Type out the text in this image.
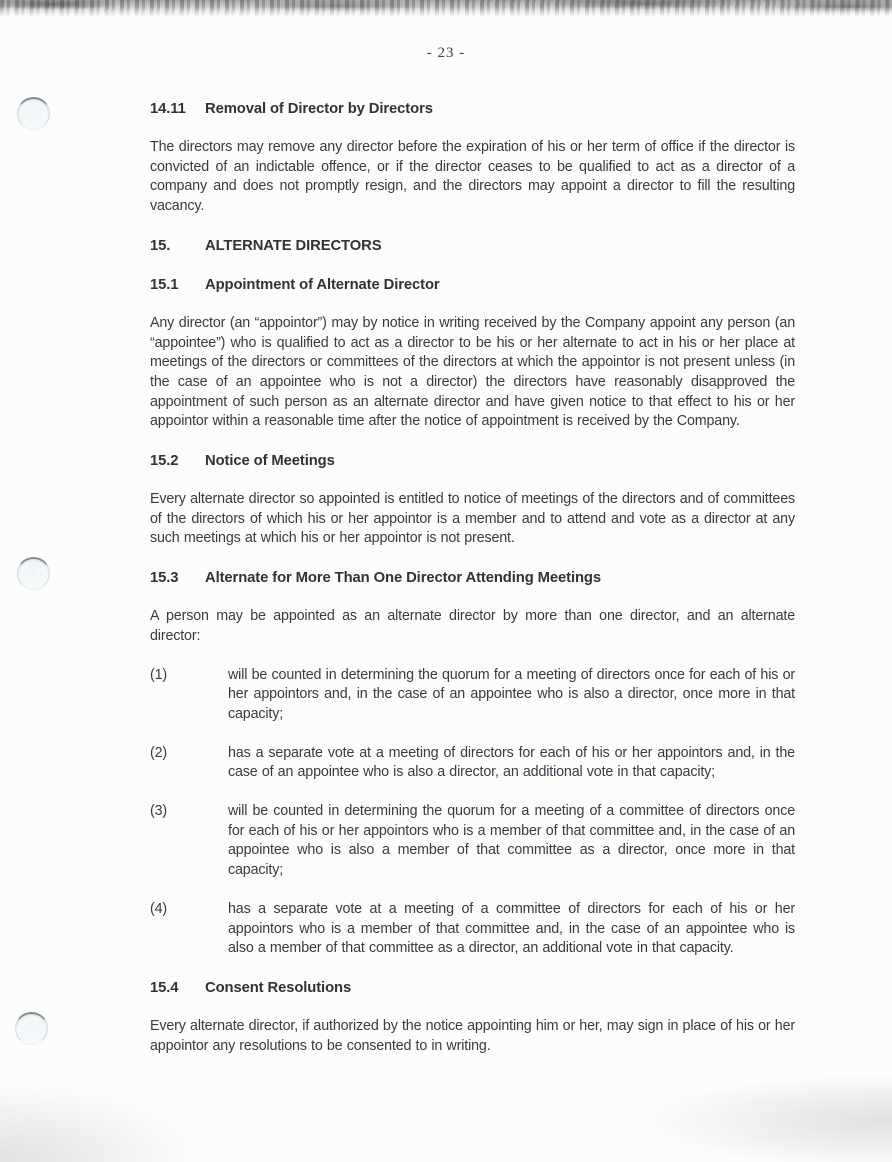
- 23 -
14.11	Removal of Director by Directors

The directors may remove any director before the expiration of his or her term of office if the director is convicted of an indictable offence, or if the director ceases to be qualified to act as a director of a company and does not promptly resign, and the directors may appoint a director to fill the resulting vacancy.

15.	ALTERNATE DIRECTORS
15.1	Appointment of Alternate Director

Any director (an “appointor”) may by notice in writing received by the Company appoint any person (an “appointee”) who is qualified to act as a director to be his or her alternate to act in his or her place at meetings of the directors or committees of the directors at which the appointor is not present unless (in the case of an appointee who is not a director) the directors have reasonably disapproved the appointment of such person as an alternate director and have given notice to that effect to his or her appointor within a reasonable time after the notice of appointment is received by the Company.

15.2	Notice of Meetings

Every alternate director so appointed is entitled to notice of meetings of the directors and of committees of the directors of which his or her appointor is a member and to attend and vote as a director at any such meetings at which his or her appointor is not present.

15.3	Alternate for More Than One Director Attending Meetings

A person may be appointed as an alternate director by more than one director, and an alternate director:

(1)	will be counted in determining the quorum for a meeting of directors once for each of his or her appointors and, in the case of an appointee who is also a director, once more in that capacity;
(2)	has a separate vote at a meeting of directors for each of his or her appointors and, in the case of an appointee who is also a director, an additional vote in that capacity;
(3)	will be counted in determining the quorum for a meeting of a committee of directors once for each of his or her appointors who is a member of that committee and, in the case of an appointee who is also a member of that committee as a director, once more in that capacity;
(4)	has a separate vote at a meeting of a committee of directors for each of his or her appointors who is a member of that committee and, in the case of an appointee who is also a member of that committee as a director, an additional vote in that capacity.
15.4	Consent Resolutions

Every alternate director, if authorized by the notice appointing him or her, may sign in place of his or her appointor any resolutions to be consented to in writing.
